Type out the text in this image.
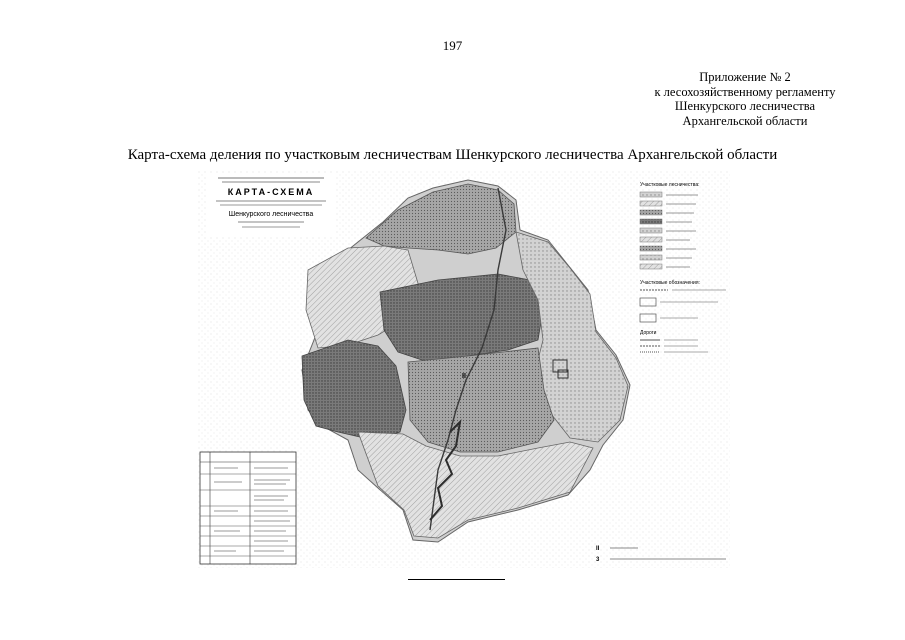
197
Приложение № 2
к лесохозяйственному регламенту
Шенкурского лесничества
Архангельской области
Карта-схема деления по участковым лесничествам Шенкурского лесничества Архангельской области
КАРТА-СХЕМА
Шенкурского лесничества
II
Участковые лесничества:
Участковые обозначения:
Дороги
II
3
